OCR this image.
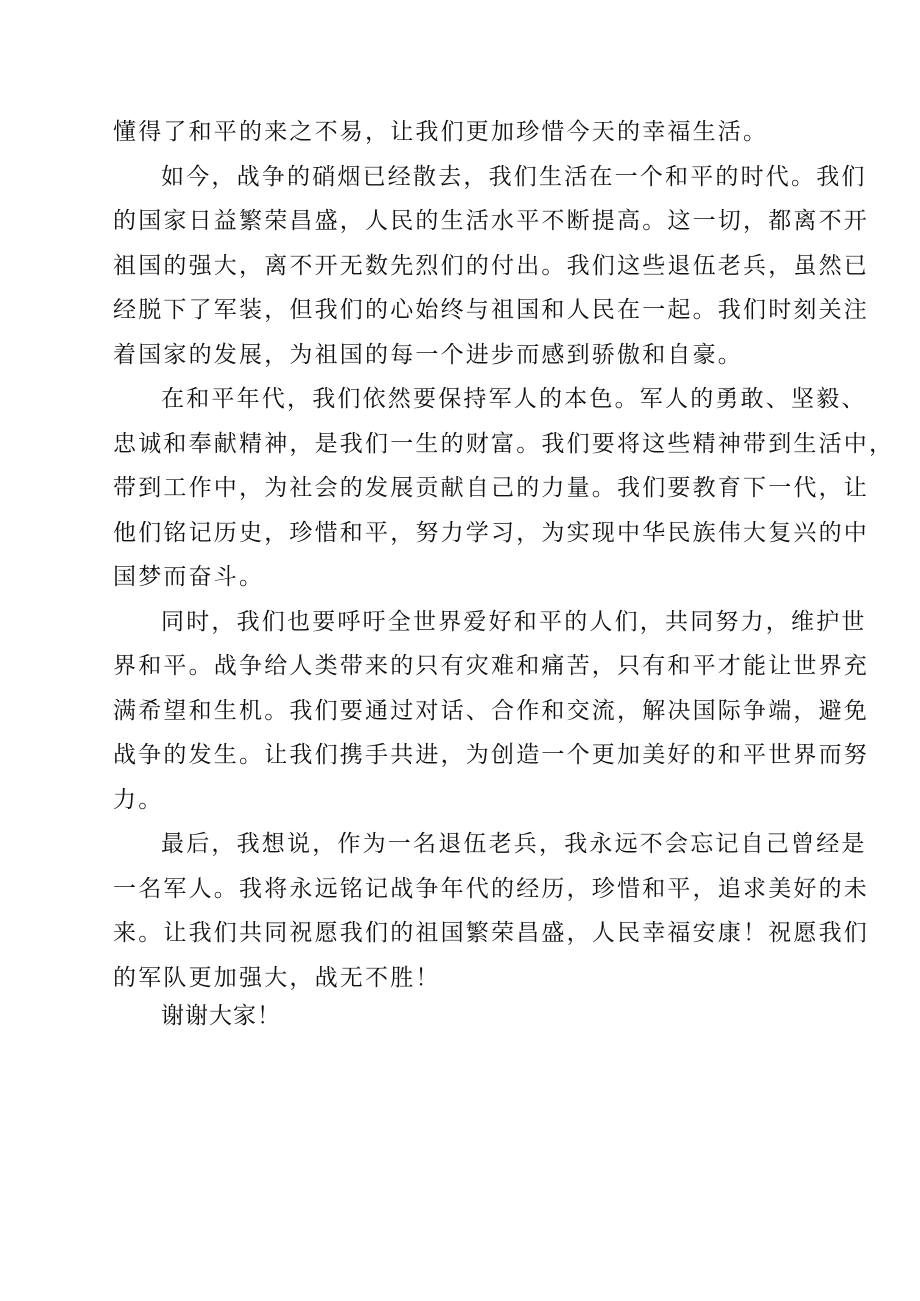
懂得了和平的来之不易，让我们更加珍惜今天的幸福生活。
如今，战争的硝烟已经散去，我们生活在一个和平的时代。我们
的国家日益繁荣昌盛，人民的生活水平不断提高。这一切，都离不开
祖国的强大，离不开无数先烈们的付出。我们这些退伍老兵，虽然已
经脱下了军装，但我们的心始终与祖国和人民在一起。我们时刻关注
着国家的发展，为祖国的每一个进步而感到骄傲和自豪。
在和平年代，我们依然要保持军人的本色。军人的勇敢、坚毅、
忠诚和奉献精神，是我们一生的财富。我们要将这些精神带到生活中，
带到工作中，为社会的发展贡献自己的力量。我们要教育下一代，让
他们铭记历史，珍惜和平，努力学习，为实现中华民族伟大复兴的中
国梦而奋斗。
同时，我们也要呼吁全世界爱好和平的人们，共同努力，维护世
界和平。战争给人类带来的只有灾难和痛苦，只有和平才能让世界充
满希望和生机。我们要通过对话、合作和交流，解决国际争端，避免
战争的发生。让我们携手共进，为创造一个更加美好的和平世界而努
力。
最后，我想说，作为一名退伍老兵，我永远不会忘记自己曾经是
一名军人。我将永远铭记战争年代的经历，珍惜和平，追求美好的未
来。让我们共同祝愿我们的祖国繁荣昌盛，人民幸福安康！祝愿我们
的军队更加强大，战无不胜！
谢谢大家！
